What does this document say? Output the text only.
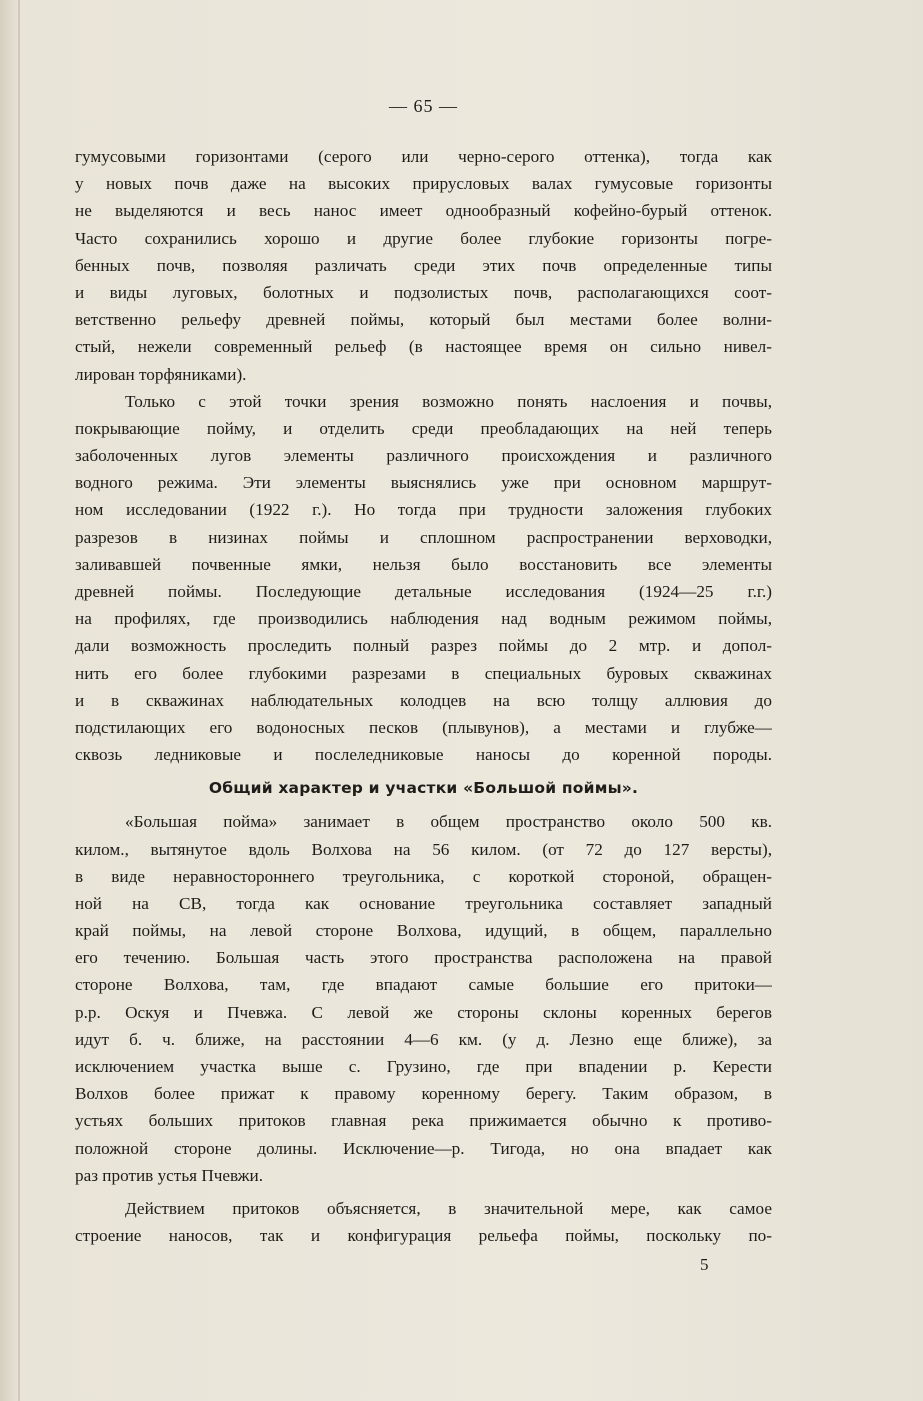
— 65 —
гумусовыми горизонтами (серого или черно-серого оттенка), тогда как
у новых почв даже на высоких прирусловых валах гумусовые горизонты
не выделяются и весь нанос имеет однообразный кофейно-бурый оттенок.
Часто сохранились хорошо и другие более глубокие горизонты погре-
бенных почв, позволяя различать среди этих почв определенные типы
и виды луговых, болотных и подзолистых почв, располагающихся соот-
ветственно рельефу древней поймы, который был местами более волни-
стый, нежели современный рельеф (в настоящее время он сильно нивел-
лирован торфяниками).
Только с этой точки зрения возможно понять наслоения и почвы,
покрывающие пойму, и отделить среди преобладающих на ней теперь
заболоченных лугов элементы различного происхождения и различного
водного режима. Эти элементы выяснялись уже при основном маршрут-
ном исследовании (1922 г.). Но тогда при трудности заложения глубоких
разрезов в низинах поймы и сплошном распространении верховодки,
заливавшей почвенные ямки, нельзя было восстановить все элементы
древней поймы. Последующие детальные исследования (1924—25 г.г.)
на профилях, где производились наблюдения над водным режимом поймы,
дали возможность проследить полный разрез поймы до 2 мтр. и допол-
нить его более глубокими разрезами в специальных буровых скважинах
и в скважинах наблюдательных колодцев на всю толщу аллювия до
подстилающих его водоносных песков (плывунов), а местами и глубже—
сквозь ледниковые и послеледниковые наносы до коренной породы.
Общий характер и участки «Большой поймы».
«Большая пойма» занимает в общем пространство около 500 кв.
килом., вытянутое вдоль Волхова на 56 килом. (от 72 до 127 версты),
в виде неравностороннего треугольника, с короткой стороной, обращен-
ной на СВ, тогда как основание треугольника составляет западный
край поймы, на левой стороне Волхова, идущий, в общем, параллельно
его течению. Большая часть этого пространства расположена на правой
стороне Волхова, там, где впадают самые большие его притоки—
р.р. Оскуя и Пчевжа. С левой же стороны склоны коренных берегов
идут б. ч. ближе, на расстоянии 4—6 км. (у д. Лезно еще ближе), за
исключением участка выше с. Грузино, где при впадении р. Керести
Волхов более прижат к правому коренному берегу. Таким образом, в
устьях больших притоков главная река прижимается обычно к противо-
положной стороне долины. Исключение—р. Тигода, но она впадает как
раз против устья Пчевжи.
Действием притоков объясняется, в значительной мере, как самое
строение наносов, так и конфигурация рельефа поймы, поскольку по-
5
